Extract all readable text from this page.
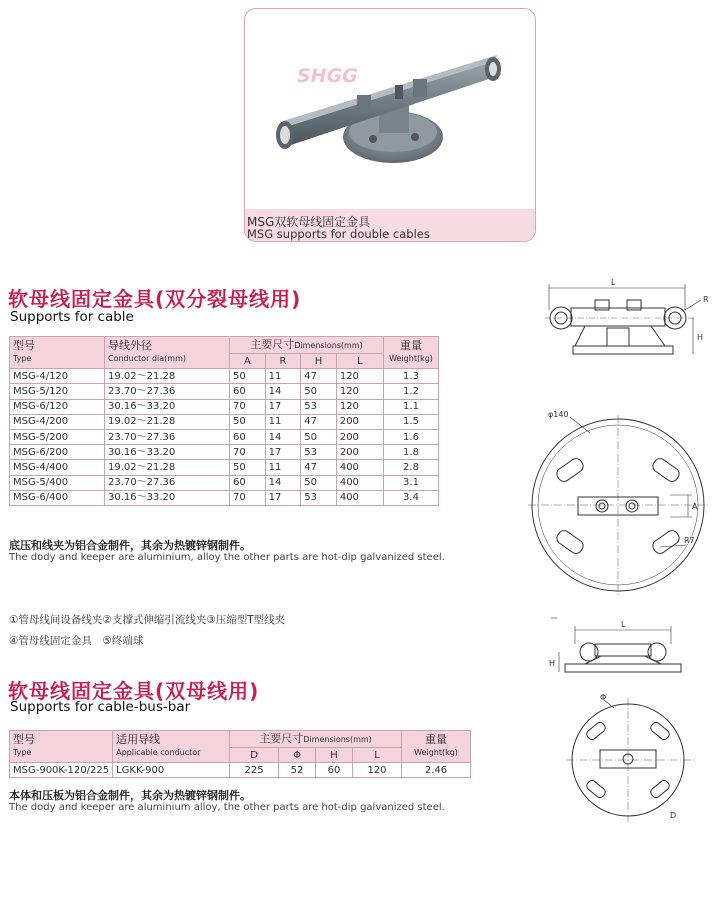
SHGG
MSG双软母线固定金具
MSG supports for double cables
软母线固定金具(双分裂母线用)
Supports for cable
型号
Type	导线外径
Conductor dia(mm)	主要尺寸Dimensions(mm)				重量
Weight(kg)

		A	R	H	L	
MSG-4/120	19.02～21.28	50	11	47	120	1.3
MSG-5/120	23.70～27.36	60	14	50	120	1.2
MSG-6/120	30.16～33.20	70	17	53	120	1.1
MSG-4/200	19.02～21.28	50	11	47	200	1.5
MSG-5/200	23.70～27.36	60	14	50	200	1.6
MSG-6/200	30.16～33.20	70	17	53	200	1.8
MSG-4/400	19.02～21.28	50	11	47	400	2.8
MSG-5/400	23.70～27.36	60	14	50	400	3.1
MSG-6/400	30.16～33.20	70	17	53	400	3.4
底压和线夹为铝合金制件，其余为热镀锌钢制件。
The dody and keeper are aluminium, alloy the other parts are hot-dip galvanized steel.
①管母线间设备线夹②支撑式伸缩引流线夹③压缩型T型线夹
④管母线固定金具　⑤终端球
软母线固定金具(双母线用)
Supports for cable-bus-bar
型号
Type	适用导线
Applicable conductor	主要尺寸Dimensions(mm)				重量
Weight(kg)

		D	Φ	H	L	
MSG-900K-120/225	LGKK-900	225	52	60	120	2.46
本体和压板为铝合金制件，其余为热镀锌钢制件。
The dody and keeper are aluminium alloy, the other parts are hot-dip galvanized steel.
L
R
H
φ140
A
R7
L
H
Φ
D
